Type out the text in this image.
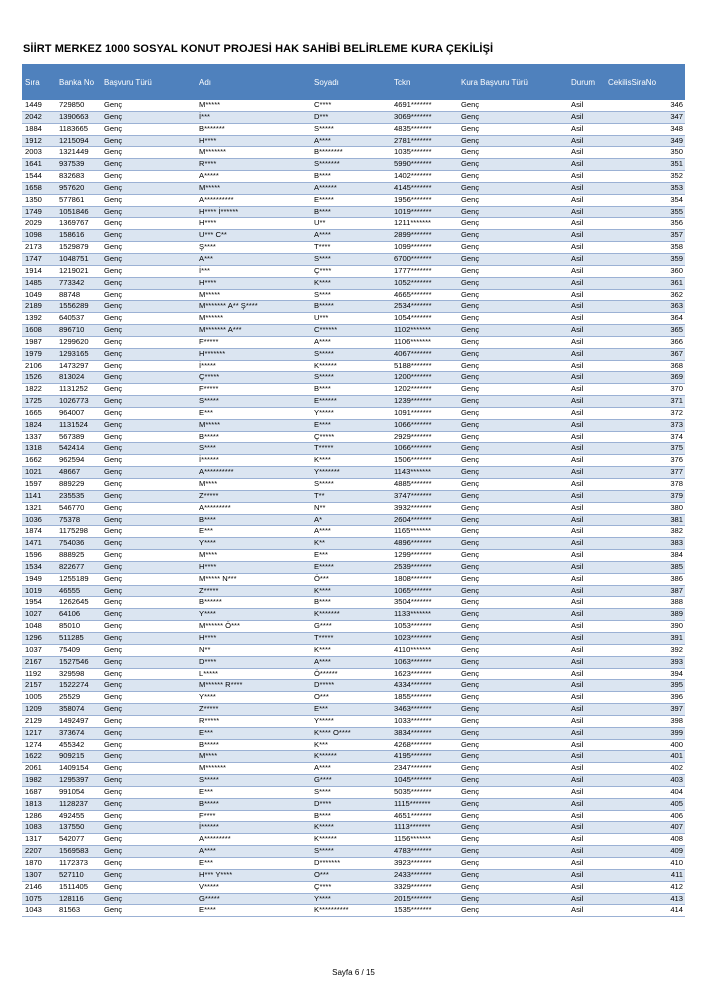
SİİRT MERKEZ 1000 SOSYAL KONUT PROJESİ HAK SAHİBİ BELİRLEME KURA ÇEKİLİŞİ
Sıra	Banka No	Başvuru Türü	Adı	Soyadı	Tckn	Kura Başvuru Türü	Durum	CekilisSiraNo
1449	729850	Genç	M*****	C****	4691*******	Genç	Asil	346
2042	1390663	Genç	İ***	D***	3069*******	Genç	Asil	347
1884	1183665	Genç	B*******	S*****	4835*******	Genç	Asil	348
1912	1215094	Genç	H****	A****	2781*******	Genç	Asil	349
2003	1321449	Genç	M*******	B********	1035*******	Genç	Asil	350
1641	937539	Genç	R****	S*******	5990*******	Genç	Asil	351
1544	832683	Genç	A*****	B****	1402*******	Genç	Asil	352
1658	957620	Genç	M*****	A******	4145*******	Genç	Asil	353
1350	577861	Genç	A**********	E*****	1956*******	Genç	Asil	354
1749	1051846	Genç	H**** İ******	B****	1019*******	Genç	Asil	355
2029	1369767	Genç	H****	U**	1211*******	Genç	Asil	356
1098	158616	Genç	U*** C**	A****	2899*******	Genç	Asil	357
2173	1529879	Genç	Ş****	T****	1099*******	Genç	Asil	358
1747	1048751	Genç	A***	S****	6700*******	Genç	Asil	359
1914	1219021	Genç	İ***	Ç****	1777*******	Genç	Asil	360
1485	773342	Genç	H****	K****	1052*******	Genç	Asil	361
1049	88748	Genç	M*****	S****	4665*******	Genç	Asil	362
2189	1556289	Genç	M******* A** Ş****	B*****	2534*******	Genç	Asil	363
1392	640537	Genç	M******	U***	1054*******	Genç	Asil	364
1608	896710	Genç	M******* A***	C******	1102*******	Genç	Asil	365
1987	1299620	Genç	F*****	A****	1106*******	Genç	Asil	366
1979	1293165	Genç	H*******	S*****	4067*******	Genç	Asil	367
2106	1473297	Genç	İ*****	K******	5188*******	Genç	Asil	368
1526	813024	Genç	Ç*****	S*****	1200*******	Genç	Asil	369
1822	1131252	Genç	F*****	B****	1202*******	Genç	Asil	370
1725	1026773	Genç	S*****	E******	1239*******	Genç	Asil	371
1665	964007	Genç	E***	Y*****	1091*******	Genç	Asil	372
1824	1131524	Genç	M*****	E****	1066*******	Genç	Asil	373
1337	567389	Genç	B*****	Ç*****	2929*******	Genç	Asil	374
1318	542414	Genç	S****	T*****	1066*******	Genç	Asil	375
1662	962594	Genç	İ******	K****	1506*******	Genç	Asil	376
1021	48667	Genç	A**********	Y*******	1143*******	Genç	Asil	377
1597	889229	Genç	M****	S*****	4885*******	Genç	Asil	378
1141	235535	Genç	Z*****	T**	3747*******	Genç	Asil	379
1321	546770	Genç	A*********	N**	3932*******	Genç	Asil	380
1036	75378	Genç	B****	A*	2604*******	Genç	Asil	381
1874	1175298	Genç	E***	A****	1165*******	Genç	Asil	382
1471	754036	Genç	Y****	K**	4896*******	Genç	Asil	383
1596	888925	Genç	M****	E***	1299*******	Genç	Asil	384
1534	822677	Genç	H****	E*****	2539*******	Genç	Asil	385
1949	1255189	Genç	M***** N***	Ö***	1808*******	Genç	Asil	386
1019	46555	Genç	Z*****	K****	1065*******	Genç	Asil	387
1954	1262645	Genç	B******	B****	3504*******	Genç	Asil	388
1027	64106	Genç	Y****	K*******	1133*******	Genç	Asil	389
1048	85010	Genç	M****** Ö***	G****	1053*******	Genç	Asil	390
1296	511285	Genç	H****	T*****	1023*******	Genç	Asil	391
1037	75409	Genç	N**	K****	4110*******	Genç	Asil	392
2167	1527546	Genç	D****	A****	1063*******	Genç	Asil	393
1192	329598	Genç	L*****	Ö******	1623*******	Genç	Asil	394
2157	1522274	Genç	M****** R****	D*****	4334*******	Genç	Asil	395
1005	25529	Genç	Y****	O***	1855*******	Genç	Asil	396
1209	358074	Genç	Z*****	E***	3463*******	Genç	Asil	397
2129	1492497	Genç	R*****	Y*****	1033*******	Genç	Asil	398
1217	373674	Genç	E***	K**** O****	3834*******	Genç	Asil	399
1274	455342	Genç	B*****	K***	4268*******	Genç	Asil	400
1622	909215	Genç	M****	K******	4195*******	Genç	Asil	401
2061	1409154	Genç	M*******	A****	2347*******	Genç	Asil	402
1982	1295397	Genç	S*****	G****	1045*******	Genç	Asil	403
1687	991054	Genç	E***	S****	5035*******	Genç	Asil	404
1813	1128237	Genç	B*****	D****	1115*******	Genç	Asil	405
1286	492455	Genç	F****	B****	4651*******	Genç	Asil	406
1083	137550	Genç	İ******	K*****	1113*******	Genç	Asil	407
1317	542077	Genç	A*********	K******	1156*******	Genç	Asil	408
2207	1569583	Genç	A****	S*****	4783*******	Genç	Asil	409
1870	1172373	Genç	E***	D*******	3923*******	Genç	Asil	410
1307	527110	Genç	H*** Y****	O***	2433*******	Genç	Asil	411
2146	1511405	Genç	V*****	Ç****	3329*******	Genç	Asil	412
1075	128116	Genç	G*****	Y****	2015*******	Genç	Asil	413
1043	81563	Genç	E****	K**********	1535*******	Genç	Asil	414
Sayfa 6 / 15
